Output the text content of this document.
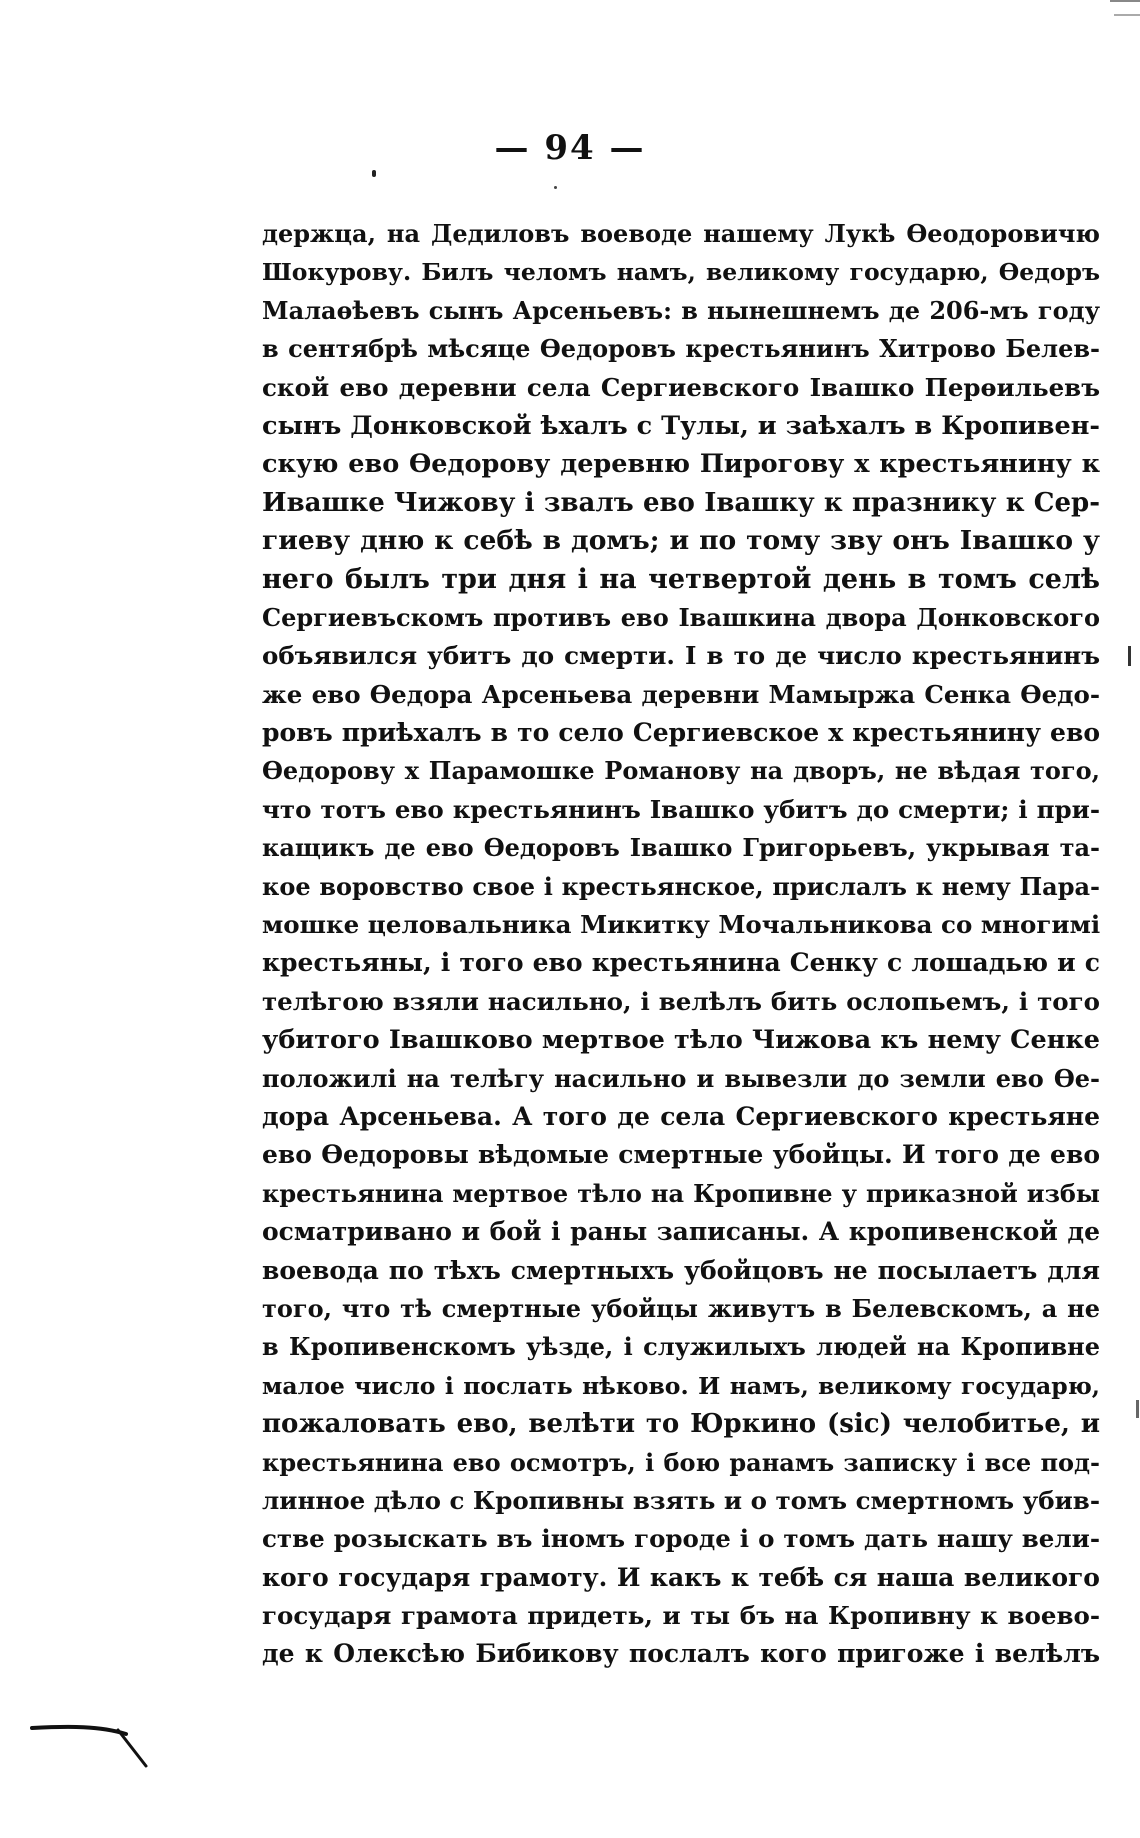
— 94 —
держца, на Дедиловъ воеводе нашему Лукѣ Ѳеодоровичю
Шокурову. Билъ челомъ намъ, великому государю, Ѳедоръ
Малаѳѣевъ сынъ Арсеньевъ: в нынешнемъ де 206-мъ году
в сентябрѣ мѣсяце Ѳедоровъ крестьянинъ Хитрово Белев-
ской ево деревни села Сергиевского Івашко Перѳильевъ
сынъ Донковской ѣхалъ с Тулы, и заѣхалъ в Кропивен-
скую ево Ѳедорову деревню Пирогову х крестьянину к
Ивашке Чижову і звалъ ево Івашку к празнику к Сер-
гиеву дню к себѣ в домъ; и по тому зву онъ Івашко у
него былъ три дня і на четвертой день в томъ селѣ
Сергиевъскомъ противъ ево Івашкина двора Донковского
объявился убитъ до смерти. І в то де число крестьянинъ
же ево Ѳедора Арсеньева деревни Мамыржа Сенка Ѳедо-
ровъ приѣхалъ в то село Сергиевское х крестьянину ево
Ѳедорову х Парамошке Романову на дворъ, не вѣдая того,
что тотъ ево крестьянинъ Івашко убитъ до смерти; і при-
кащикъ де ево Ѳедоровъ Івашко Григорьевъ, укрывая та-
кое воровство свое і крестьянское, прислалъ к нему Пара-
мошке целовальника Микитку Мочальникова со многимі
крестьяны, і того ево крестьянина Сенку с лошадью и с
телѣгою взяли насильно, і велѣлъ бить ослопьемъ, і того
убитого Івашково мертвое тѣло Чижова къ нему Сенке
положилі на телѣгу насильно и вывезли до земли ево Ѳе-
дора Арсеньева. А того де села Сергиевского крестьяне
ево Ѳедоровы вѣдомые смертные убойцы. И того де ево
крестьянина мертвое тѣло на Кропивне у приказной избы
осматривано и бой і раны записаны. А кропивенской де
воевода по тѣхъ смертныхъ убойцовъ не посылаетъ для
того, что тѣ смертные убойцы живутъ в Белевскомъ, а не
в Кропивенскомъ уѣзде, і служилыхъ людей на Кропивне
малое число і послать нѣково. И намъ, великому государю,
пожаловать ево, велѣти то Юркино (sic) челобитье, и
крестьянина ево осмотръ, і бою ранамъ записку і все под-
линное дѣло с Кропивны взять и о томъ смертномъ убив-
стве розыскать въ іномъ городе і о томъ дать нашу вели-
кого государя грамоту. И какъ к тебѣ ся наша великого
государя грамота придеть, и ты бъ на Кропивну к воево-
де к Олексѣю Бибикову послалъ кого пригоже і велѣлъ
